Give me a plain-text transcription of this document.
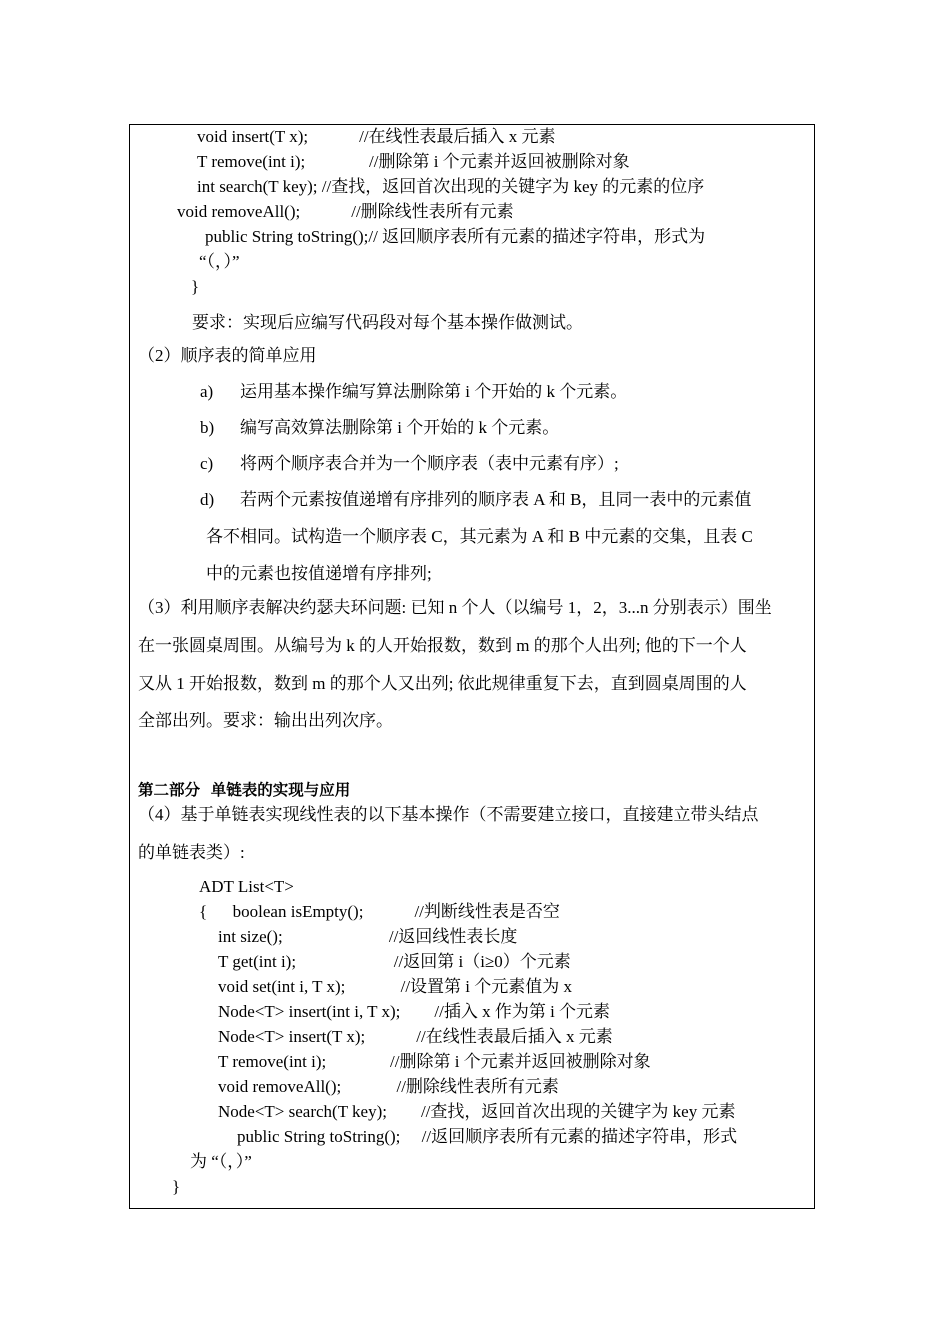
void insert(T x);            //在线性表最后插入 x 元素
T remove(int i);               //删除第 i 个元素并返回被删除对象
int search(T key); //查找，返回首次出现的关键字为 key 的元素的位序
void removeAll();            //删除线性表所有元素
public String toString();// 返回顺序表所有元素的描述字符串，形式为
“（，）”
}
要求：实现后应编写代码段对每个基本操作做测试。
（2）顺序表的简单应用
a) 运用基本操作编写算法删除第 i 个开始的 k 个元素。
b) 编写高效算法删除第 i 个开始的 k 个元素。
c) 将两个顺序表合并为一个顺序表（表中元素有序）;
d) 若两个元素按值递增有序排列的顺序表 A 和 B，且同一表中的元素值
各不相同。试构造一个顺序表 C，其元素为 A 和 B 中元素的交集，且表 C
中的元素也按值递增有序排列;
（3）利用顺序表解决约瑟夫环问题: 已知 n 个人（以编号 1，2，3...n 分别表示）围坐
在一张圆桌周围。从编号为 k 的人开始报数，数到 m 的那个人出列; 他的下一个人
又从 1 开始报数，数到 m 的那个人又出列; 依此规律重复下去，直到圆桌周围的人
全部出列。要求：输出出列次序。
第二部分  单链表的实现与应用
（4）基于单链表实现线性表的以下基本操作（不需要建立接口，直接建立带头结点
的单链表类）:
ADT List<T>
{      boolean isEmpty();            //判断线性表是否空
int size();                         //返回线性表长度
T get(int i);                       //返回第 i（i≥0）个元素
void set(int i, T x);             //设置第 i 个元素值为 x
Node<T> insert(int i, T x);        //插入 x 作为第 i 个元素
Node<T> insert(T x);            //在线性表最后插入 x 元素
T remove(int i);               //删除第 i 个元素并返回被删除对象
void removeAll();             //删除线性表所有元素
Node<T> search(T key);        //查找，返回首次出现的关键字为 key 元素
public String toString();     //返回顺序表所有元素的描述字符串，形式
为 “（，）”
}
